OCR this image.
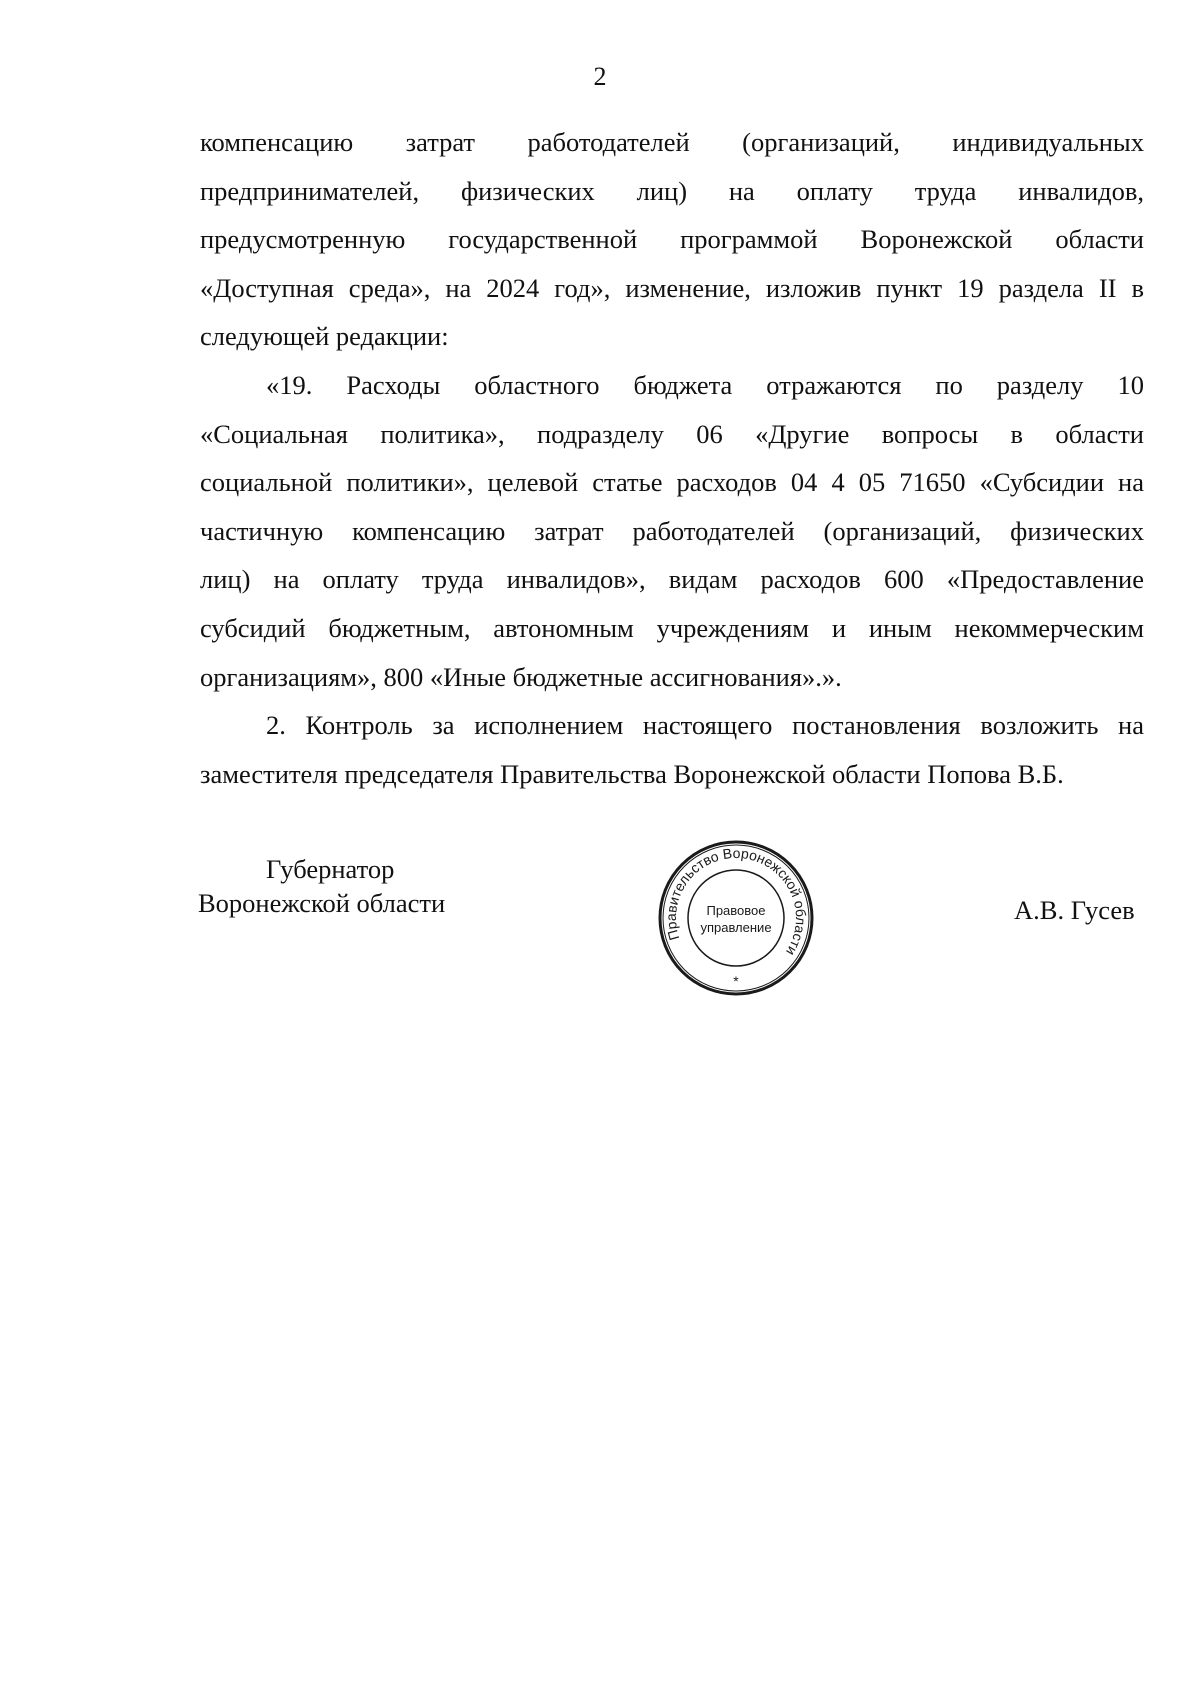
2
компенсацию затрат работодателей (организаций, индивидуальных
предпринимателей, физических лиц) на оплату труда инвалидов,
предусмотренную государственной программой Воронежской области
«Доступная среда», на 2024 год», изменение, изложив пункт 19 раздела II в
следующей редакции:
«19. Расходы областного бюджета отражаются по разделу 10
«Социальная политика», подразделу 06 «Другие вопросы в области
социальной политики», целевой статье расходов 04 4 05 71650 «Субсидии на
частичную компенсацию затрат работодателей (организаций, физических
лиц) на оплату труда инвалидов», видам расходов 600 «Предоставление
субсидий бюджетным, автономным учреждениям и иным некоммерческим
организациям», 800 «Иные бюджетные ассигнования».».
2. Контроль за исполнением настоящего постановления возложить на
заместителя председателя Правительства Воронежской области Попова В.Б.
Губернатор
Воронежской области
Правительство Воронежской области
Правовое
управление
*
А.В. Гусев
